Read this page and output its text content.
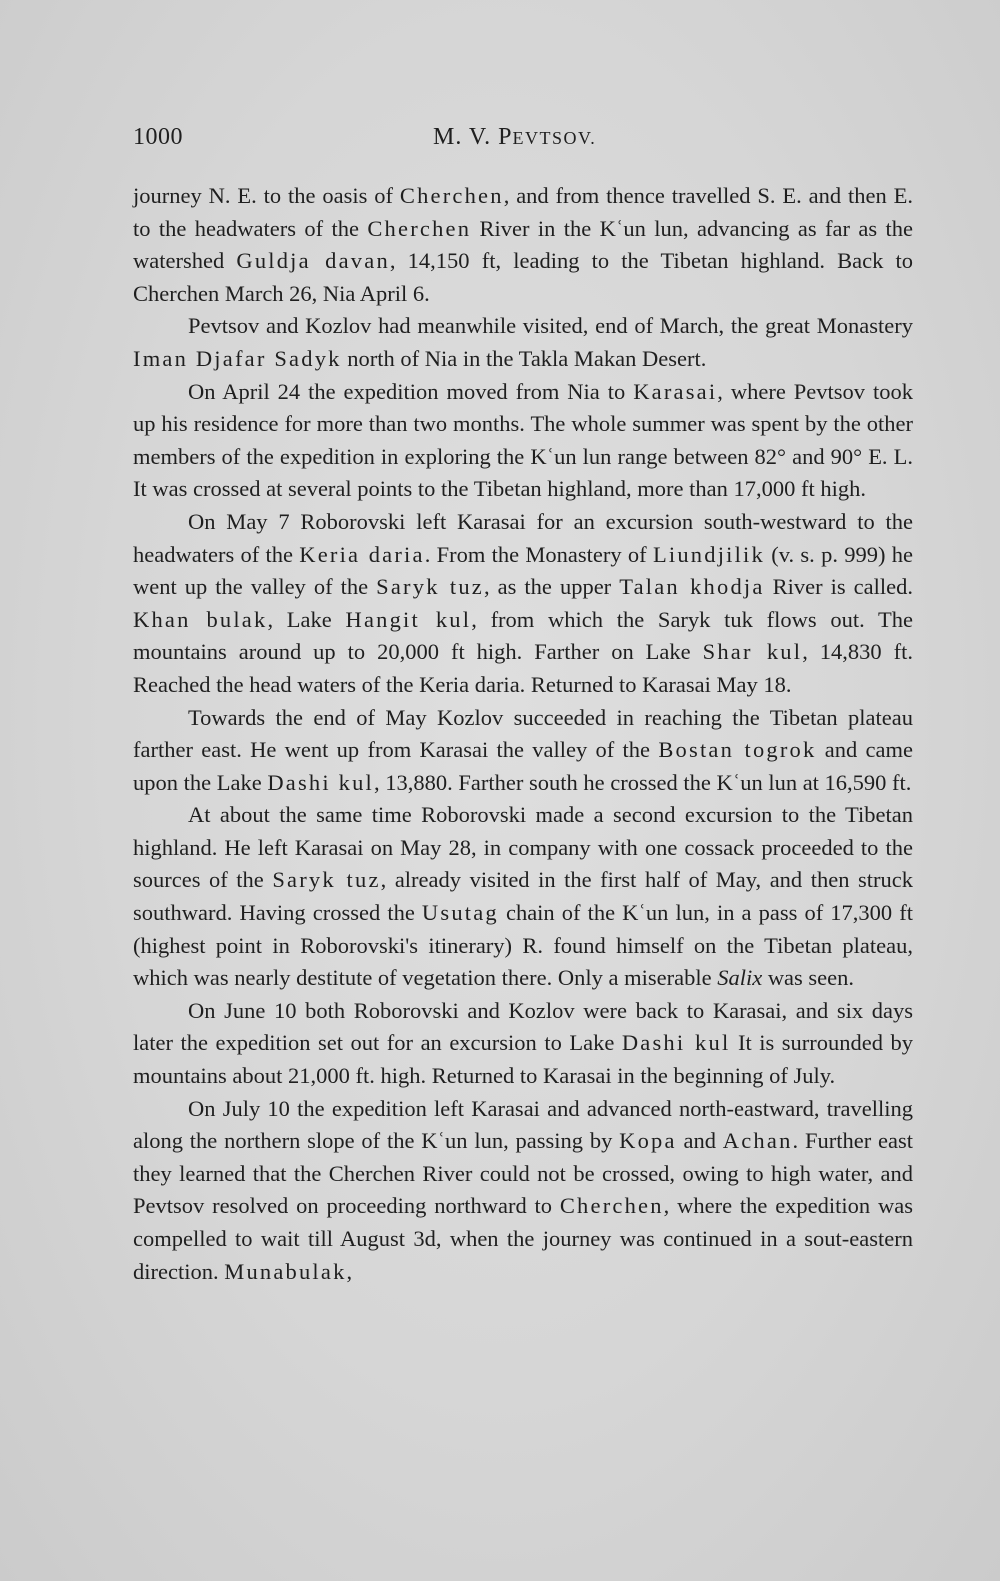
1000	M. V. PEVTSOV.

journey N. E. to the oasis of Cherchen, and from thence travelled S. E. and then E. to the headwaters of the Cherchen River in the Kʿun lun, advancing as far as the watershed Guldja davan, 14,150 ft, leading to the Tibetan highland. Back to Cherchen March 26, Nia April 6.

Pevtsov and Kozlov had meanwhile visited, end of March, the great Monastery Iman Djafar Sadyk north of Nia in the Takla Makan Desert.

On April 24 the expedition moved from Nia to Karasai, where Pevtsov took up his residence for more than two months. The whole summer was spent by the other members of the expedition in exploring the Kʿun lun range between 82° and 90° E. L. It was crossed at several points to the Tibetan highland, more than 17,000 ft high.

On May 7 Roborovski left Karasai for an excursion south-westward to the headwaters of the Keria daria. From the Monastery of Liundjilik (v. s. p. 999) he went up the valley of the Saryk tuz, as the upper Talan khodja River is called. Khan bulak, Lake Hangit kul, from which the Saryk tuk flows out. The mountains around up to 20,000 ft high. Farther on Lake Shar kul, 14,830 ft. Reached the head waters of the Keria daria. Returned to Karasai May 18.

Towards the end of May Kozlov succeeded in reaching the Tibetan plateau farther east. He went up from Karasai the valley of the Bostan togrok and came upon the Lake Dashi kul, 13,880. Farther south he crossed the Kʿun lun at 16,590 ft.

At about the same time Roborovski made a second excursion to the Tibetan highland. He left Karasai on May 28, in company with one cossack proceeded to the sources of the Saryk tuz, already visited in the first half of May, and then struck southward. Having crossed the Usutag chain of the Kʿun lun, in a pass of 17,300 ft (highest point in Roborovski's itinerary) R. found himself on the Tibetan plateau, which was nearly destitute of vegetation there. Only a miserable Salix was seen.

On June 10 both Roborovski and Kozlov were back to Karasai, and six days later the expedition set out for an excursion to Lake Dashi kul It is surrounded by mountains about 21,000 ft. high. Returned to Karasai in the beginning of July.

On July 10 the expedition left Karasai and advanced north-eastward, travelling along the northern slope of the Kʿun lun, passing by Kopa and Achan. Further east they learned that the Cherchen River could not be crossed, owing to high water, and Pevtsov resolved on proceeding northward to Cherchen, where the expedition was compelled to wait till August 3d, when the journey was continued in a sout-eastern direction. Munabulak,
